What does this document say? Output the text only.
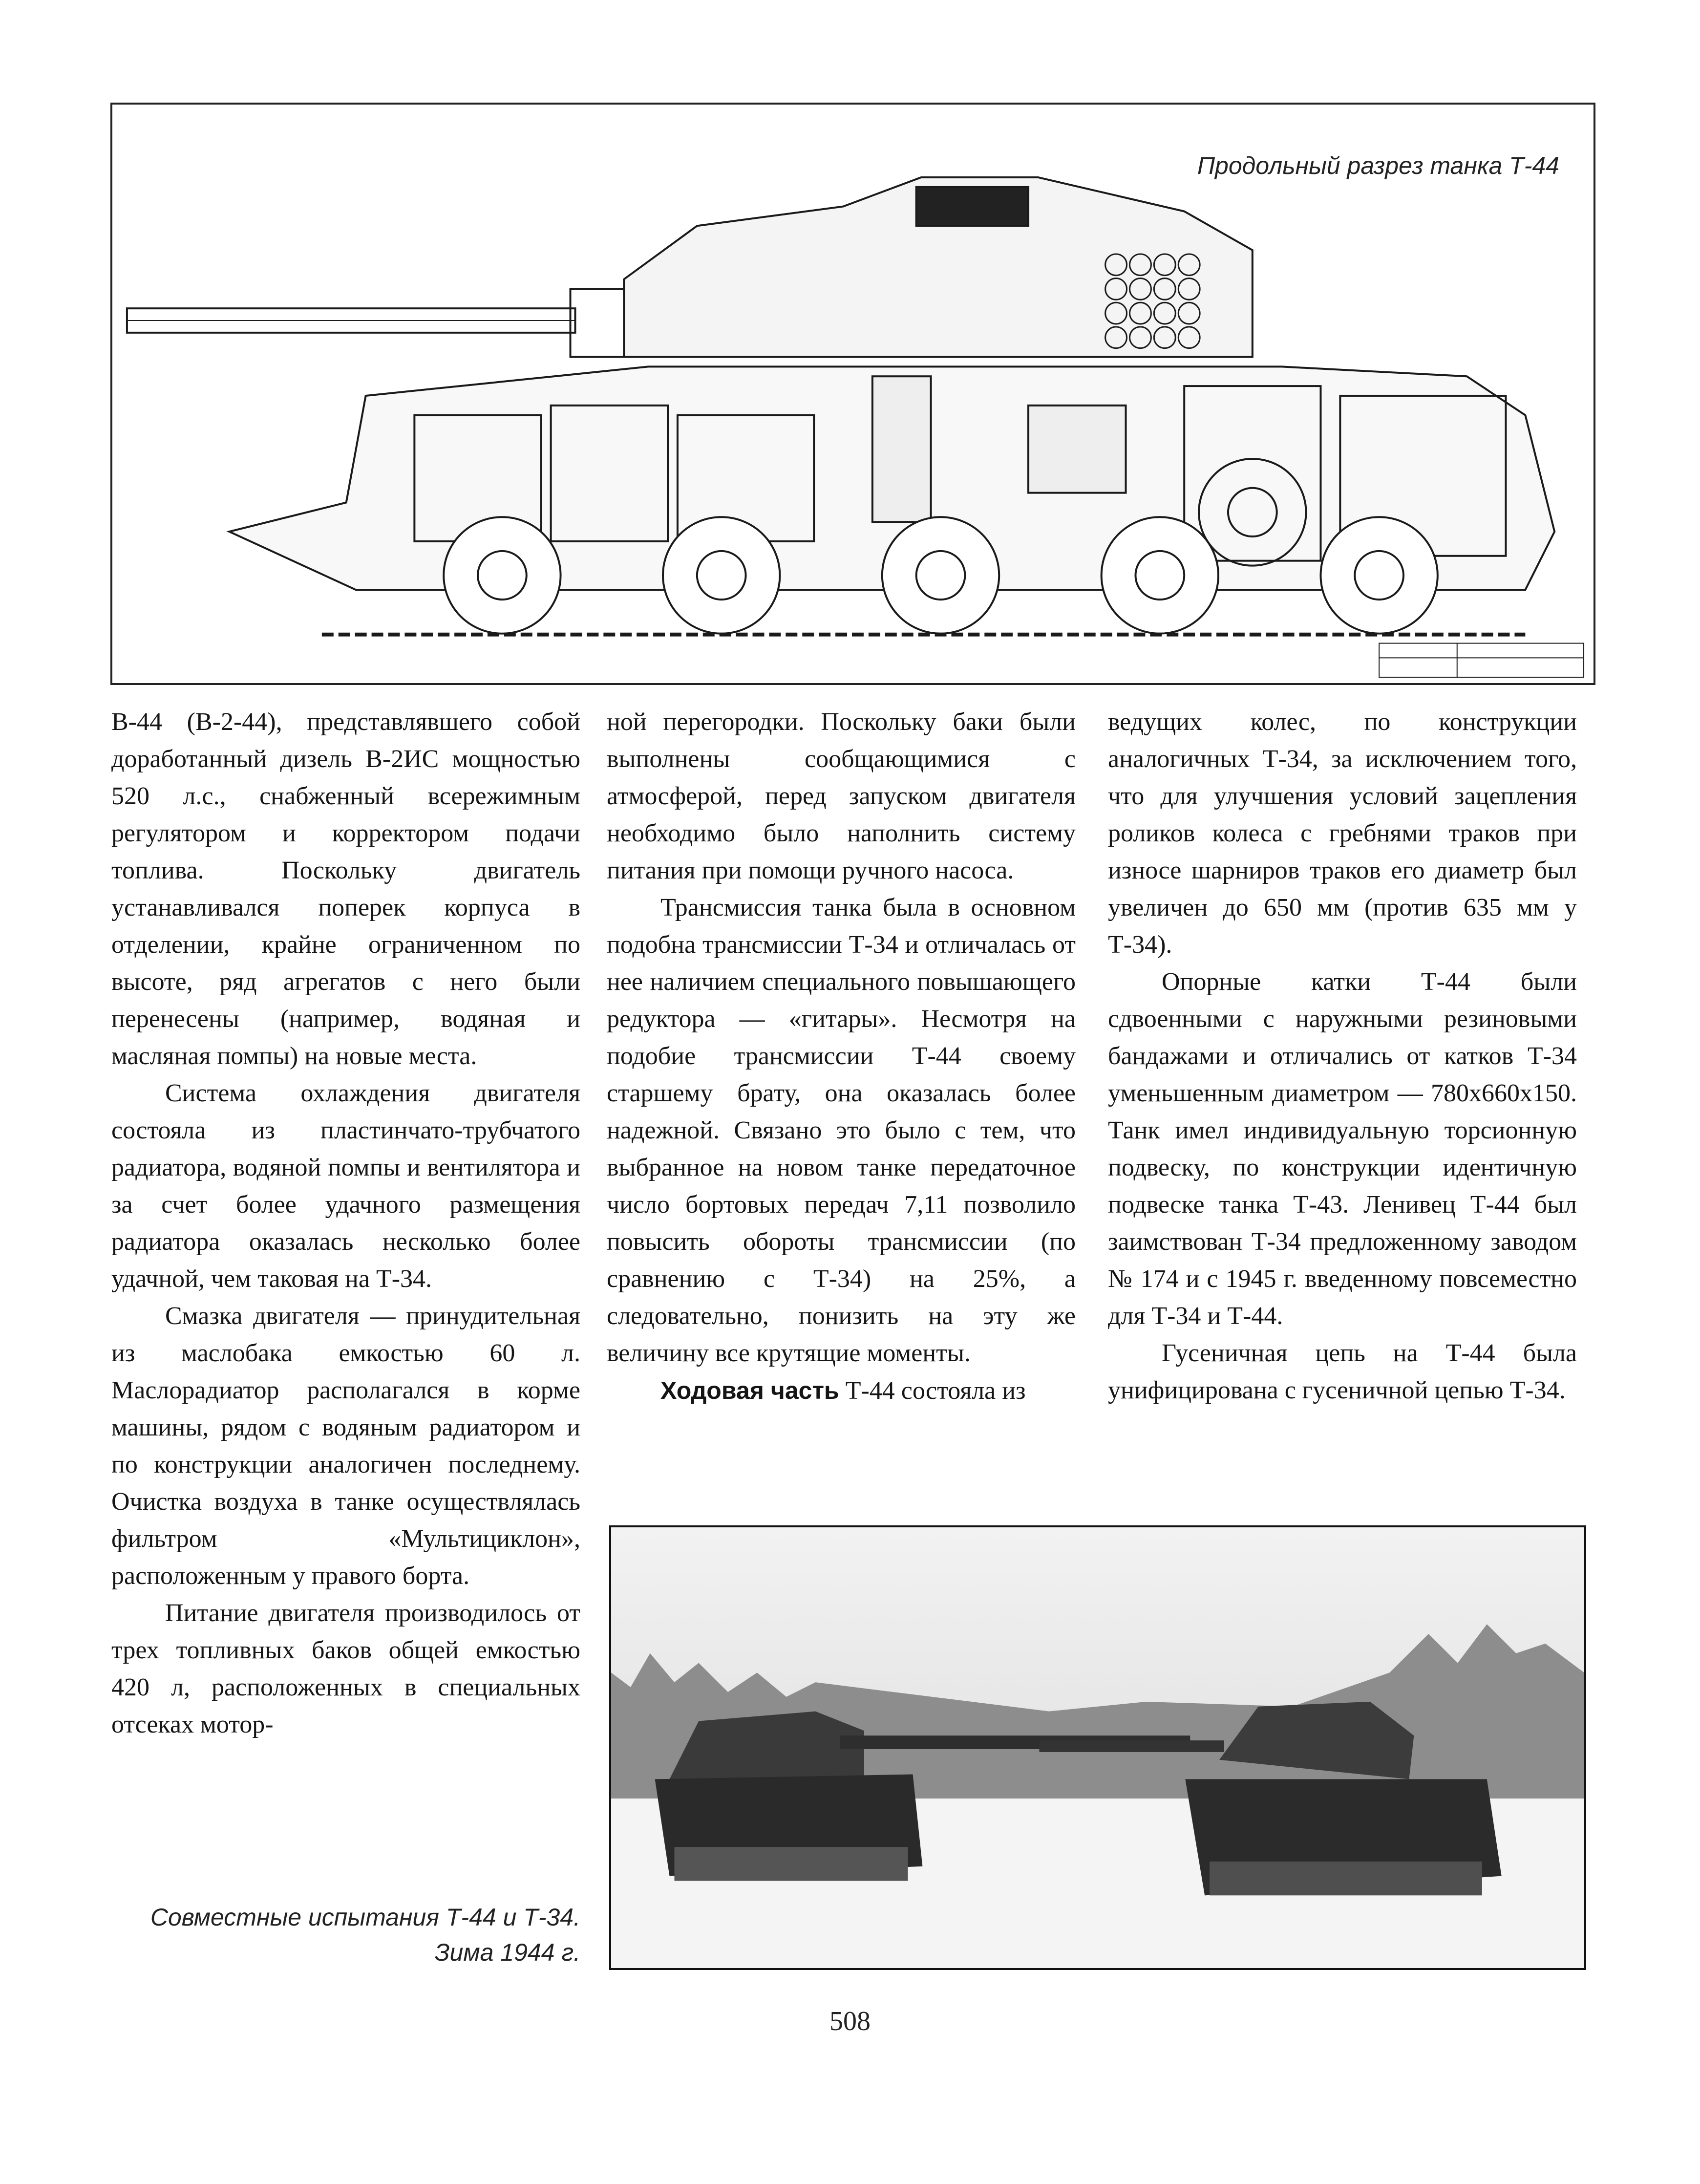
Продольный разрез танка Т-44

В-44 (В-2-44), представлявшего собой доработанный дизель В-2ИС мощностью 520 л.с., снабженный всережимным регулятором и корректором подачи топлива. Поскольку двигатель устанавливался поперек корпуса в отделении, крайне ограниченном по высоте, ряд агрегатов с него были перенесены (например, водяная и масляная помпы) на новые места.

Система охлаждения двигателя состояла из пластинчато-трубчатого радиатора, водяной помпы и вентилятора и за счет более удачного размещения радиатора оказалась несколько более удачной, чем таковая на Т-34.

Смазка двигателя — принудительная из маслобака емкостью 60 л. Маслорадиатор располагался в корме машины, рядом с водяным радиатором и по конструкции аналогичен последнему. Очистка воздуха в танке осуществлялась фильтром «Мультициклон», расположенным у правого борта.

Питание двигателя производилось от трех топливных баков общей емкостью 420 л, расположенных в специальных отсеках мотор-

ной перегородки. Поскольку баки были выполнены сообщающимися с атмосферой, перед запуском двигателя необходимо было наполнить систему питания при помощи ручного насоса.

Трансмиссия танка была в основном подобна трансмиссии Т-34 и отличалась от нее наличием специального повышающего редуктора — «гитары». Несмотря на подобие трансмиссии Т-44 своему старшему брату, она оказалась более надежной. Связано это было с тем, что выбранное на новом танке передаточное число бортовых передач 7,11 позволило повысить обороты трансмиссии (по сравнению с Т-34) на 25%, а следовательно, понизить на эту же величину все крутящие моменты.

Ходовая часть Т-44 состояла из

ведущих колес, по конструкции аналогичных Т-34, за исключением того, что для улучшения условий зацепления роликов колеса с гребнями траков при износе шарниров траков его диаметр был увеличен до 650 мм (против 635 мм у Т-34).

Опорные катки Т-44 были сдвоенными с наружными резиновыми бандажами и отличались от катков Т-34 уменьшенным диаметром — 780х660х150. Танк имел индивидуальную торсионную подвеску, по конструкции идентичную подвеске танка Т-43. Ленивец Т-44 был заимствован Т-34 предложенному заводом № 174 и с 1945 г. введенному повсеместно для Т-34 и Т-44.

Гусеничная цепь на Т-44 была унифицирована с гусеничной цепью Т-34.

Совместные испытания Т-44 и Т-34.
Зима 1944 г.
508
